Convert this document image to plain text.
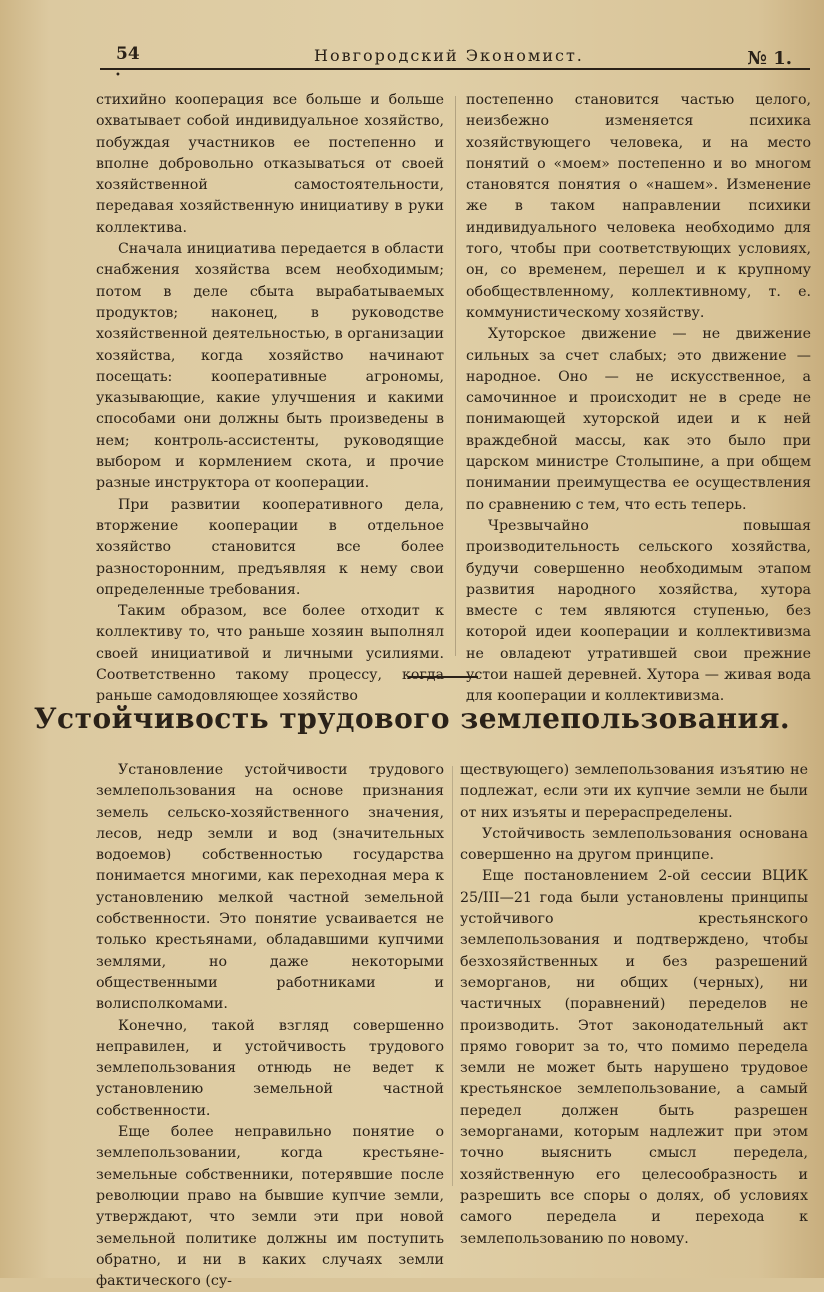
54	Новгородский Экономист.	№ 1.
•

стихийно кооперация все больше и больше охватывает собой индивидуальное хозяйство, побуждая участников ее постепенно и вполне добровольно отказываться от своей хозяйственной самостоятельности, передавая хозяйственную инициативу в руки коллектива.

Сначала инициатива передается в области снабжения хозяйства всем необходимым; потом в деле сбыта вырабатываемых продуктов; наконец, в руководстве хозяйственной деятельностью, в организации хозяйства, когда хозяйство начинают посещать: кооперативные агрономы, указывающие, какие улучшения и какими способами они должны быть произведены в нем; контроль-ассистенты, руководящие выбором и кормлением скота, и прочие разные инструктора от кооперации.

При развитии кооперативного дела, вторжение кооперации в отдельное хозяйство становится все более разносторонним, предъявляя к нему свои определенные требования.

Таким образом, все более отходит к коллективу то, что раньше хозяин выполнял своей инициативой и личными усилиями. Соответственно такому процессу, когда раньше самодовляющее хозяйство

постепенно становится частью целого, неизбежно изменяется психика хозяйствующего человека, и на место понятий о «моем» постепенно и во многом становятся понятия о «нашем». Изменение же в таком направлении психики индивидуального человека необходимо для того, чтобы при соответствующих условиях, он, со временем, перешел и к крупному обобществленному, коллективному, т. е. коммунистическому хозяйству.

Хуторское движение — не движение сильных за счет слабых; это движение — народное. Оно — не искусственное, а самочинное и происходит не в среде не понимающей хуторской идеи и к ней враждебной массы, как это было при царском министре Столыпине, а при общем понимании преимущества ее осуществления по сравнению с тем, что есть теперь.

Чрезвычайно повышая производительность сельского хозяйства, будучи совершенно необходимым этапом развития народного хозяйства, хутора вместе с тем являются ступенью, без которой идеи кооперации и коллективизма не овладеют утратившей свои прежние устои нашей деревней. Хутора — живая вода для кооперации и коллективизма.

Устойчивость трудового землепользования.

Установление устойчивости трудового землепользования на основе признания земель сельско-хозяйственного значения, лесов, недр земли и вод (значительных водоемов) собственностью государства понимается многими, как переходная мера к установлению мелкой частной земельной собственности. Это понятие усваивается не только крестьянами, обладавшими купчими землями, но даже некоторыми общественными работниками и волисполкомами.

Конечно, такой взгляд совершенно неправилен, и устойчивость трудового землепользования отнюдь не ведет к установлению земельной частной собственности.

Еще более неправильно понятие о землепользовании, когда крестьяне-земельные собственники, потерявшие после революции право на бывшие купчие земли, утверждают, что земли эти при новой земельной политике должны им поступить обратно, и ни в каких случаях земли фактического (су-

ществующего) землепользования изъятию не подлежат, если эти их купчие земли не были от них изъяты и перераспределены.

Устойчивость землепользования основана совершенно на другом принципе.

Еще постановлением 2-ой сессии ВЦИК 25/III—21 года были установлены принципы устойчивого крестьянского землепользования и подтверждено, чтобы безхозяйственных и без разрешений земорганов, ни общих (черных), ни частичных (поравнений) переделов не производить. Этот законодательный акт прямо говорит за то, что помимо передела земли не может быть нарушено трудовое крестьянское землепользование, а самый передел должен быть разрешен земорганами, которым надлежит при этом точно выяснить смысл передела, хозяйственную его целесообразность и разрешить все споры о долях, об условиях самого передела и перехода к землепользованию по новому.
